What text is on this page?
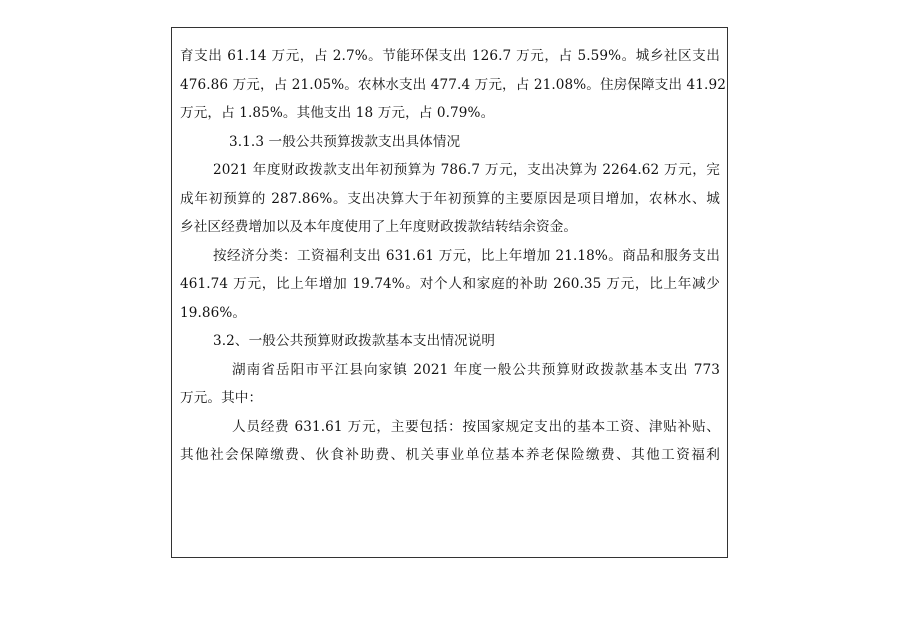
育支出 61.14 万元，占 2.7%。节能环保支出 126.7 万元，占 5.59%。城乡社区支出
476.86 万元，占 21.05%。农林水支出 477.4 万元，占 21.08%。住房保障支出 41.92
万元，占 1.85%。其他支出 18 万元，占 0.79%。
3.1.3 一般公共预算拨款支出具体情况
2021 年度财政拨款支出年初预算为 786.7 万元，支出决算为 2264.62 万元，完
成年初预算的 287.86%。支出决算大于年初预算的主要原因是项目增加，农林水、城
乡社区经费增加以及本年度使用了上年度财政拨款结转结余资金。
按经济分类：工资福利支出 631.61 万元，比上年增加 21.18%。商品和服务支出
461.74 万元，比上年增加 19.74%。对个人和家庭的补助 260.35 万元，比上年减少
19.86%。
3.2、一般公共预算财政拨款基本支出情况说明
湖南省岳阳市平江县向家镇 2021 年度一般公共预算财政拨款基本支出 773
万元。其中：
人员经费 631.61 万元，主要包括：按国家规定支出的基本工资、津贴补贴、
其他社会保障缴费、伙食补助费、机关事业单位基本养老保险缴费、其他工资福利
